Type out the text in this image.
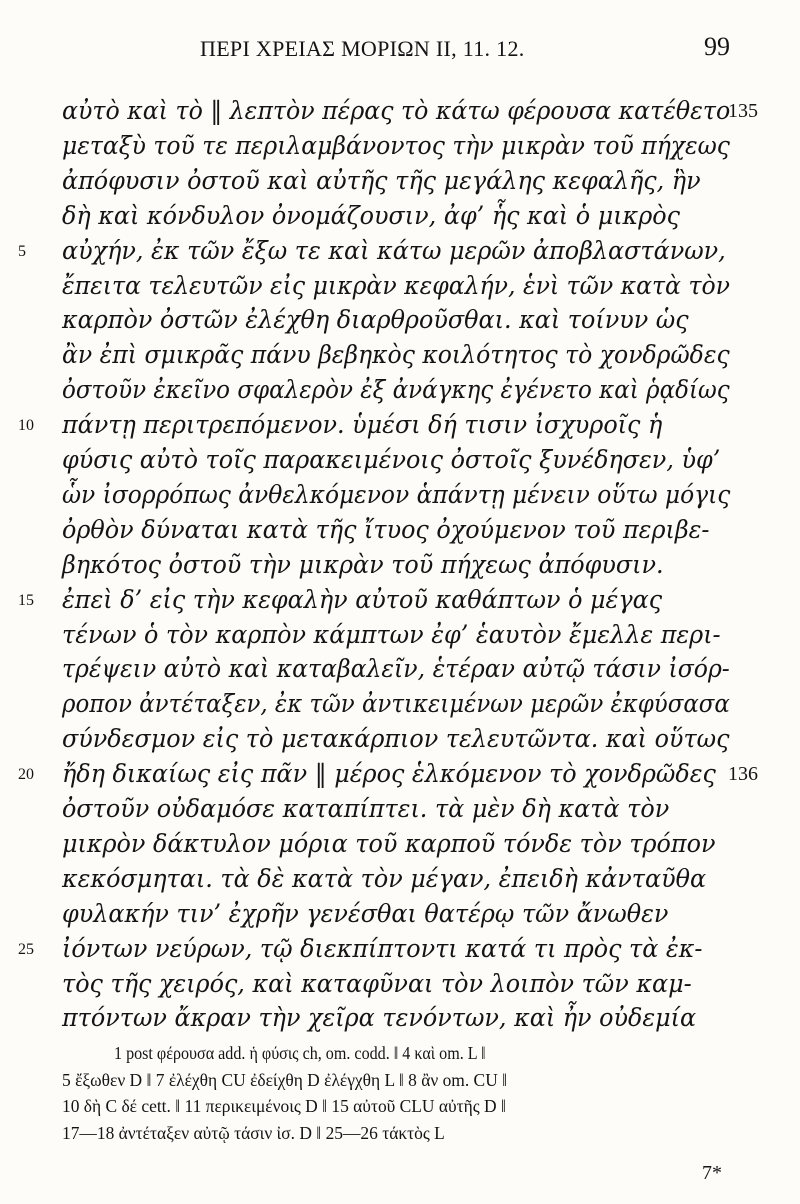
ΠΕΡΙ ΧΡΕΙΑΣ ΜΟΡΙΩΝ ΙΙ, 11. 12.	99
αὐτὸ καὶ τὸ ‖ λεπτὸν πέρας τὸ κάτω φέρουσα κατέθετο
135
μεταξὺ τοῦ τε περιλαμβάνοντος τὴν μικρὰν τοῦ πήχεως
ἀπόφυσιν ὀστοῦ καὶ αὐτῆς τῆς μεγάλης κεφαλῆς, ἣν
δὴ καὶ κόνδυλον ὀνομάζουσιν, ἀφ’ ἧς καὶ ὁ μικρὸς
5 αὐχήν, ἐκ τῶν ἔξω τε καὶ κάτω μερῶν ἀποβλαστάνων,
ἔπειτα τελευτῶν εἰς μικρὰν κεφαλήν, ἑνὶ τῶν κατὰ τὸν
καρπὸν ὀστῶν ἐλέχθη διαρθροῦσθαι. καὶ τοίνυν ὡς
ἂν ἐπὶ σμικρᾶς πάνυ βεβηκὸς κοιλότητος τὸ χονδρῶδες
ὀστοῦν ἐκεῖνο σφαλερὸν ἐξ ἀνάγκης ἐγένετο καὶ ῥᾳδίως
10 πάντῃ περιτρεπόμενον. ὑμέσι δή τισιν ἰσχυροῖς ἡ
φύσις αὐτὸ τοῖς παρακειμένοις ὀστοῖς ξυνέδησεν, ὑφ’
ὧν ἰσορρόπως ἀνθελκόμενον ἁπάντῃ μένειν οὕτω μόγις
ὀρθὸν δύναται κατὰ τῆς ἴτυος ὀχούμενον τοῦ περιβε-
βηκότος ὀστοῦ τὴν μικρὰν τοῦ πήχεως ἀπόφυσιν.
15 ἐπεὶ δ’ εἰς τὴν κεφαλὴν αὐτοῦ καθάπτων ὁ μέγας
τένων ὁ τὸν καρπὸν κάμπτων ἐφ’ ἑαυτὸν ἔμελλε περι-
τρέψειν αὐτὸ καὶ καταβαλεῖν, ἑτέραν αὐτῷ τάσιν ἰσόρ-
ροπον ἀντέταξεν, ἐκ τῶν ἀντικειμένων μερῶν ἐκφύσασα
σύνδεσμον εἰς τὸ μετακάρπιον τελευτῶντα. καὶ οὕτως
20 ἤδη δικαίως εἰς πᾶν ‖ μέρος ἑλκόμενον τὸ χονδρῶδες 136
ὀστοῦν οὐδαμόσε καταπίπτει. τὰ μὲν δὴ κατὰ τὸν
μικρὸν δάκτυλον μόρια τοῦ καρποῦ τόνδε τὸν τρόπον
κεκόσμηται. τὰ δὲ κατὰ τὸν μέγαν, ἐπειδὴ κἀνταῦθα
φυλακήν τιν’ ἐχρῆν γενέσθαι θατέρῳ τῶν ἄνωθεν
25 ἰόντων νεύρων, τῷ διεκπίπτοντι κατά τι πρὸς τὰ ἐκ-
τὸς τῆς χειρός, καὶ καταφῦναι τὸν λοιπὸν τῶν καμ-
πτόντων ἄκραν τὴν χεῖρα τενόντων, καὶ ἦν οὐδεμία
1 post φέρουσα add. ἡ φύσις ch, om. codd. ‖ 4 καὶ om. L ‖
5 ἔξωθεν D ‖ 7 ἐλέχθη CU ἐδείχθη D ἐλέγχθη L ‖ 8 ἂν om. CU ‖
10 δὴ C δέ cett. ‖ 11 περικειμένοις D ‖ 15 αὐτοῦ CLU αὐτῆς D ‖
17—18 ἀντέταξεν αὐτῷ τάσιν ἰσ. D ‖ 25—26 τάκτὸς L
7*
